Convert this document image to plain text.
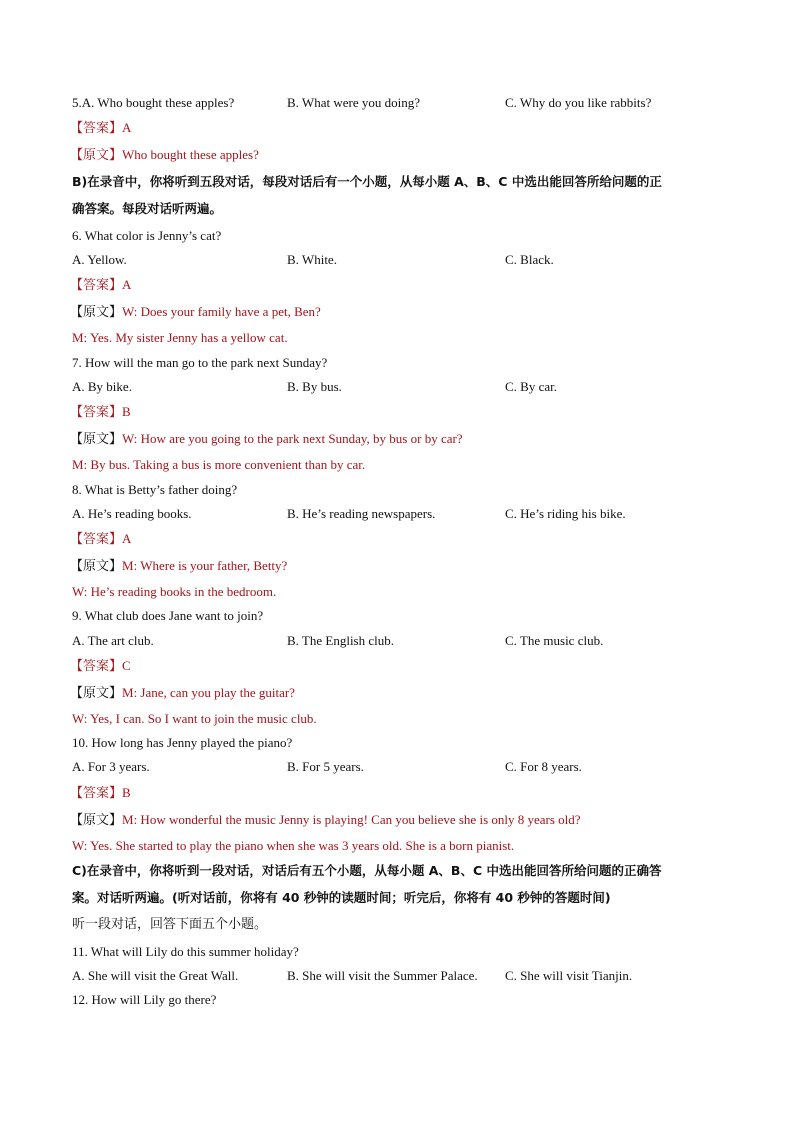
5.A. Who bought these apples?	B. What were you doing?	C. Why do you like rabbits?
【答案】A
【原文】Who bought these apples?
B)在录音中，你将听到五段对话，每段对话后有一个小题，从每小题 A、B、C 中选出能回答所给问题的正
确答案。每段对话听两遍。
6. What color is Jenny’s cat?
A. Yellow.	B. White.	C. Black.
【答案】A
【原文】W: Does your family have a pet, Ben?
M: Yes. My sister Jenny has a yellow cat.
7. How will the man go to the park next Sunday?
A. By bike.	B. By bus.	C. By car.
【答案】B
【原文】W: How are you going to the park next Sunday, by bus or by car?
M: By bus. Taking a bus is more convenient than by car.
8. What is Betty’s father doing?
A. He’s reading books.	B. He’s reading newspapers.	C. He’s riding his bike.
【答案】A
【原文】M: Where is your father, Betty?
W: He’s reading books in the bedroom.
9. What club does Jane want to join?
A. The art club.	B. The English club.	C. The music club.
【答案】C
【原文】M: Jane, can you play the guitar?
W: Yes, I can. So I want to join the music club.
10. How long has Jenny played the piano?
A. For 3 years.	B. For 5 years.	C. For 8 years.
【答案】B
【原文】M: How wonderful the music Jenny is playing! Can you believe she is only 8 years old?
W: Yes. She started to play the piano when she was 3 years old. She is a born pianist.
C)在录音中，你将听到一段对话，对话后有五个小题，从每小题 A、B、C 中选出能回答所给问题的正确答
案。对话听两遍。(听对话前，你将有 40 秒钟的读题时间；听完后，你将有 40 秒钟的答题时间)
听一段对话，回答下面五个小题。
11. What will Lily do this summer holiday?
A. She will visit the Great Wall.	B. She will visit the Summer Palace. C. She will visit Tianjin.
12. How will Lily go there?
